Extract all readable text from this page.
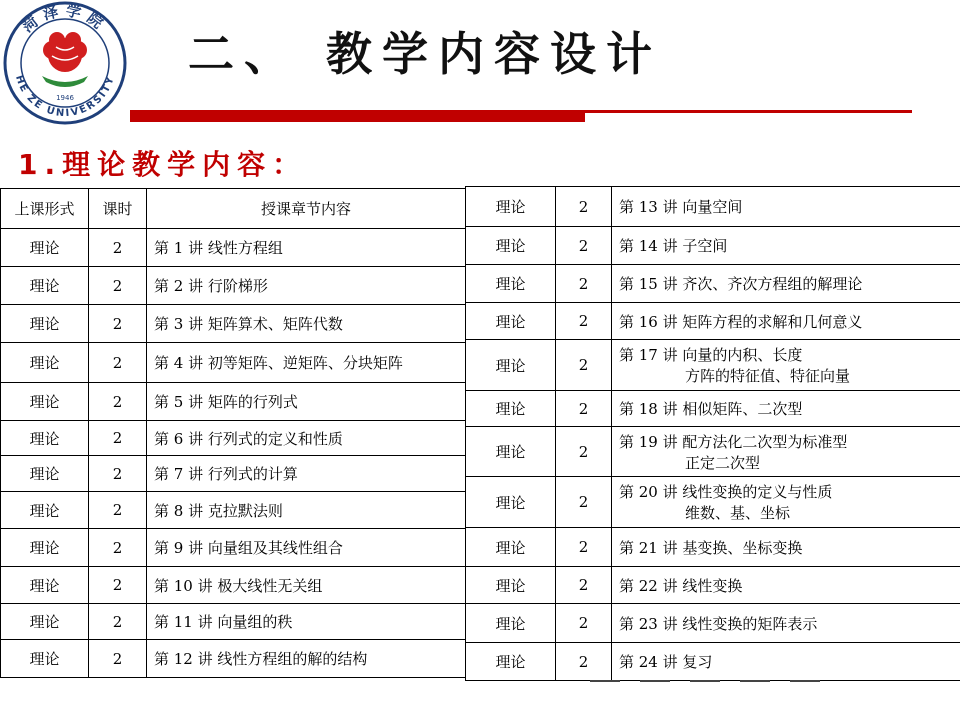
菏泽学院
HE ZE UNIVERSITY
1946
二、 教学内容设计
1.理论教学内容：
上课形式	课时	授课章节内容
理论	2	第 1 讲 线性方程组
理论	2	第 2 讲 行阶梯形
理论	2	第 3 讲 矩阵算术、矩阵代数
理论	2	第 4 讲 初等矩阵、逆矩阵、分块矩阵
理论	2	第 5 讲 矩阵的行列式
理论	2	第 6 讲 行列式的定义和性质
理论	2	第 7 讲 行列式的计算
理论	2	第 8 讲 克拉默法则
理论	2	第 9 讲 向量组及其线性组合
理论	2	第 10 讲 极大线性无关组
理论	2	第 11 讲 向量组的秩
理论	2	第 12 讲 线性方程组的解的结构
理论	2	第 13 讲 向量空间
理论	2	第 14 讲 子空间
理论	2	第 15 讲 齐次、齐次方程组的解理论
理论	2	第 16 讲 矩阵方程的求解和几何意义
理论	2	第 17 讲 向量的内积、长度
方阵的特征值、特征向量

理论	2	第 18 讲 相似矩阵、二次型
理论	2	第 19 讲 配方法化二次型为标准型
正定二次型

理论	2	第 20 讲 线性变换的定义与性质
维数、基、坐标

理论	2	第 21 讲 基变换、坐标变换
理论	2	第 22 讲 线性变换
理论	2	第 23 讲 线性变换的矩阵表示
理论	2	第 24 讲 复习
